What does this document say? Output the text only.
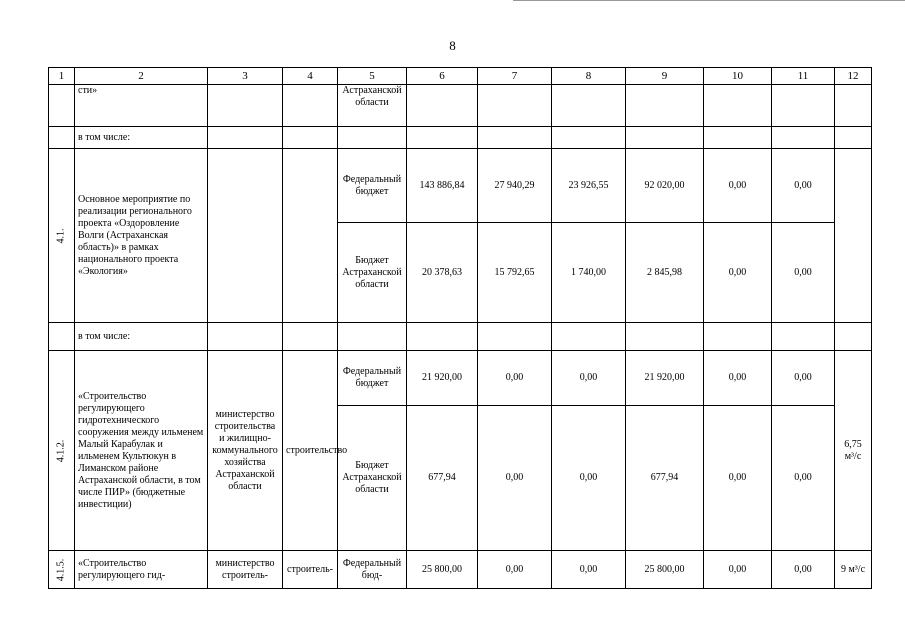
8
1	2	3	4	5	6	7	8	9	10	11	12
	сти»			Астраханской области							
	в том числе:										
4.1.	Основное мероприятие по реализации регионального проекта «Оздоровление Волги (Астраханская область)» в рамках национального проекта «Экология»			Федеральный бюджет	143 886,84	27 940,29	23 926,55	92 020,00	0,00	0,00	
				Бюджет Астраханской области	20 378,63	15 792,65	1 740,00	2 845,98	0,00	0,00	
	в том числе:										
4.1.2.	«Строительство регулирующего гидротехнического сооружения между ильменем Малый Карабулак и ильменем Культюкун в Лиманском районе Астраханской области, в том числе ПИР» (бюджетные инвестиции)	министерство строительства и жилищно-коммунального хозяйства Астраханской области	строительство	Федеральный бюджет	21 920,00	0,00	0,00	21 920,00	0,00	0,00	6,75 м³/с
				Бюджет Астраханской области	677,94	0,00	0,00	677,94	0,00	0,00	
4.1.5.	«Строительство регулирующего гид-	министерство строитель-	строитель-	Федеральный бюд-	25 800,00	0,00	0,00	25 800,00	0,00	0,00	9 м³/с
